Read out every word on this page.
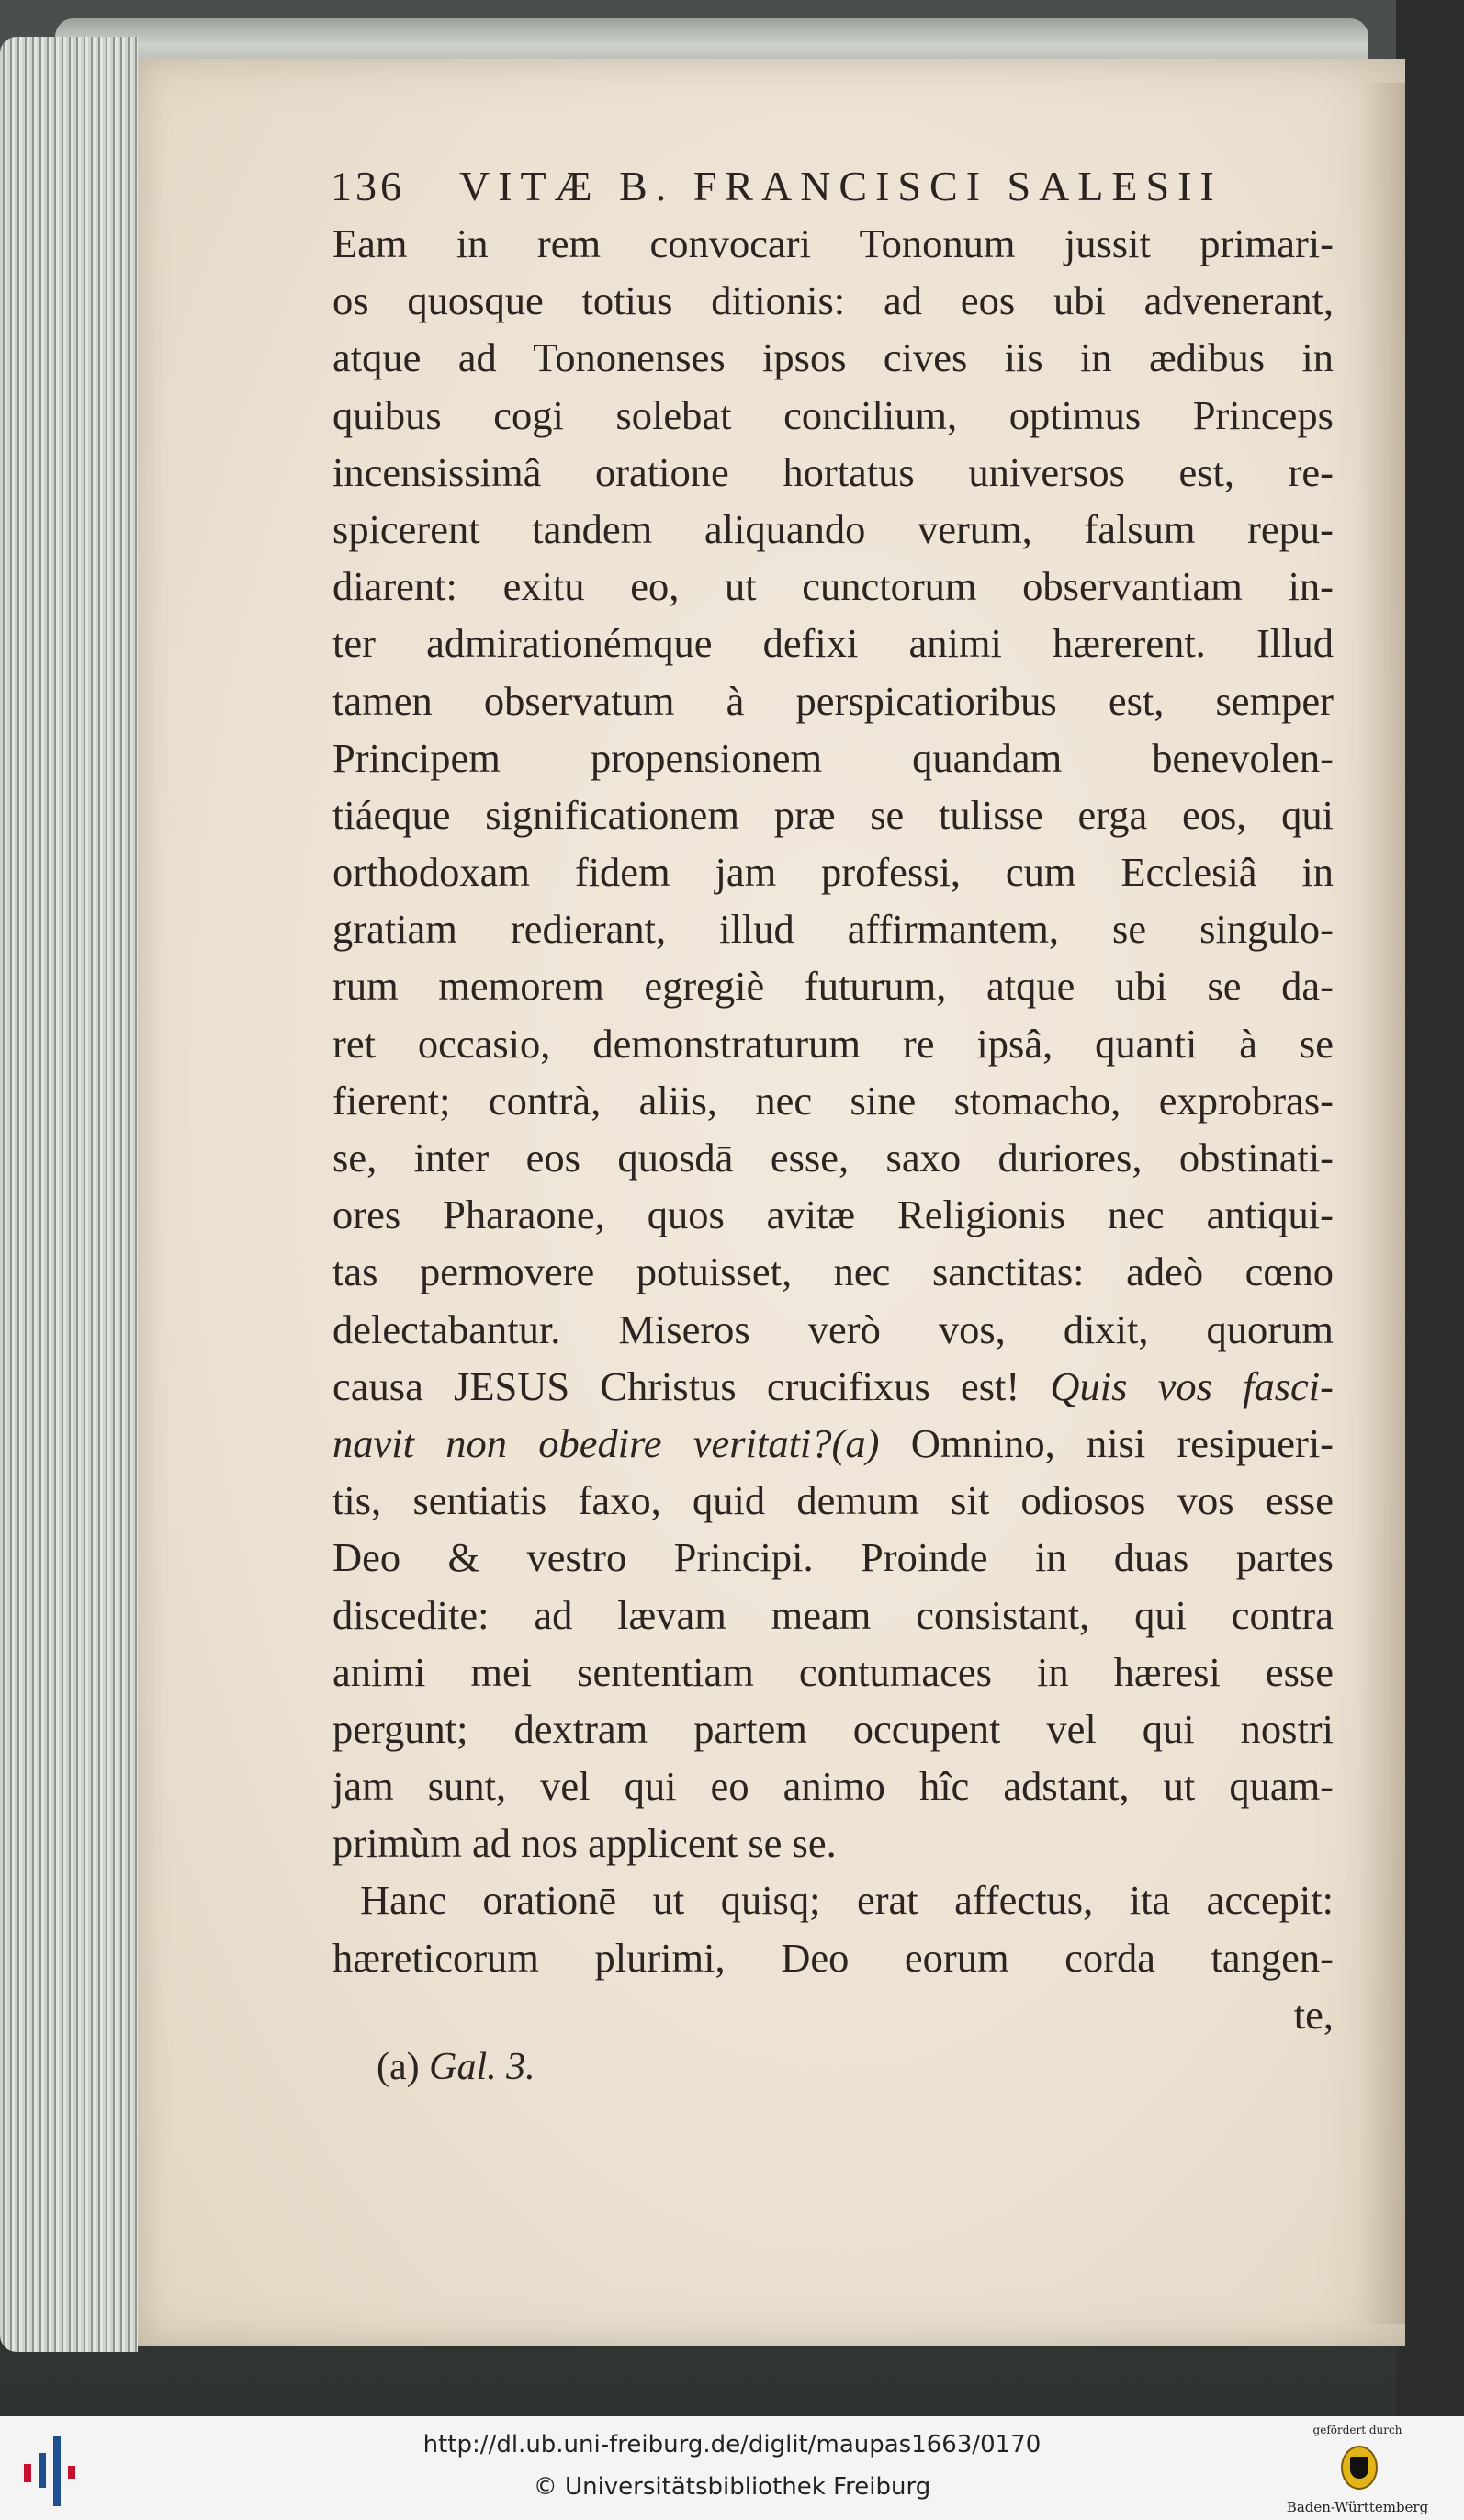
136 VITÆ B. FRANCISCI SALESII
Eam in rem convocari Tononum jussit primari-
os quosque totius ditionis: ad eos ubi advenerant,
atque ad Tononenses ipsos cives iis in ædibus in
quibus cogi solebat concilium, optimus Princeps
incensissimâ oratione hortatus universos est, re-
spicerent tandem aliquando verum, falsum repu-
diarent: exitu eo, ut cunctorum observantiam in-
ter admirationémque defixi animi hærerent. Illud
tamen observatum à perspicatioribus est, semper
Principem propensionem quandam benevolen-
tiáeque significationem præ se tulisse erga eos, qui
orthodoxam fidem jam professi, cum Ecclesiâ in
gratiam redierant, illud affirmantem, se singulo-
rum memorem egregiè futurum, atque ubi se da-
ret occasio, demonstraturum re ipsâ, quanti à se
fierent; contrà, aliis, nec sine stomacho, exprobras-
se, inter eos quosdā esse, saxo duriores, obstinati-
ores Pharaone, quos avitæ Religionis nec antiqui-
tas permovere potuisset, nec sanctitas: adeò cœno
delectabantur. Miseros verò vos, dixit, quorum
causa JESUS Christus crucifixus est! Quis vos fasci-
navit non obedire veritati?(a) Omnino, nisi resipueri-
tis, sentiatis faxo, quid demum sit odiosos vos esse
Deo & vestro Principi. Proinde in duas partes
discedite: ad lævam meam consistant, qui contra
animi mei sententiam contumaces in hæresi esse
pergunt; dextram partem occupent vel qui nostri
jam sunt, vel qui eo animo hîc adstant, ut quam-
primùm ad nos applicent se se.
Hanc orationē ut quisq; erat affectus, ita accepit:
hæreticorum plurimi, Deo eorum corda tangen-
te,
(a) Gal. 3.
http://dl.ub.uni-freiburg.de/diglit/maupas1663/0170
© Universitätsbibliothek Freiburg
gefördert durch
Baden-Württemberg
